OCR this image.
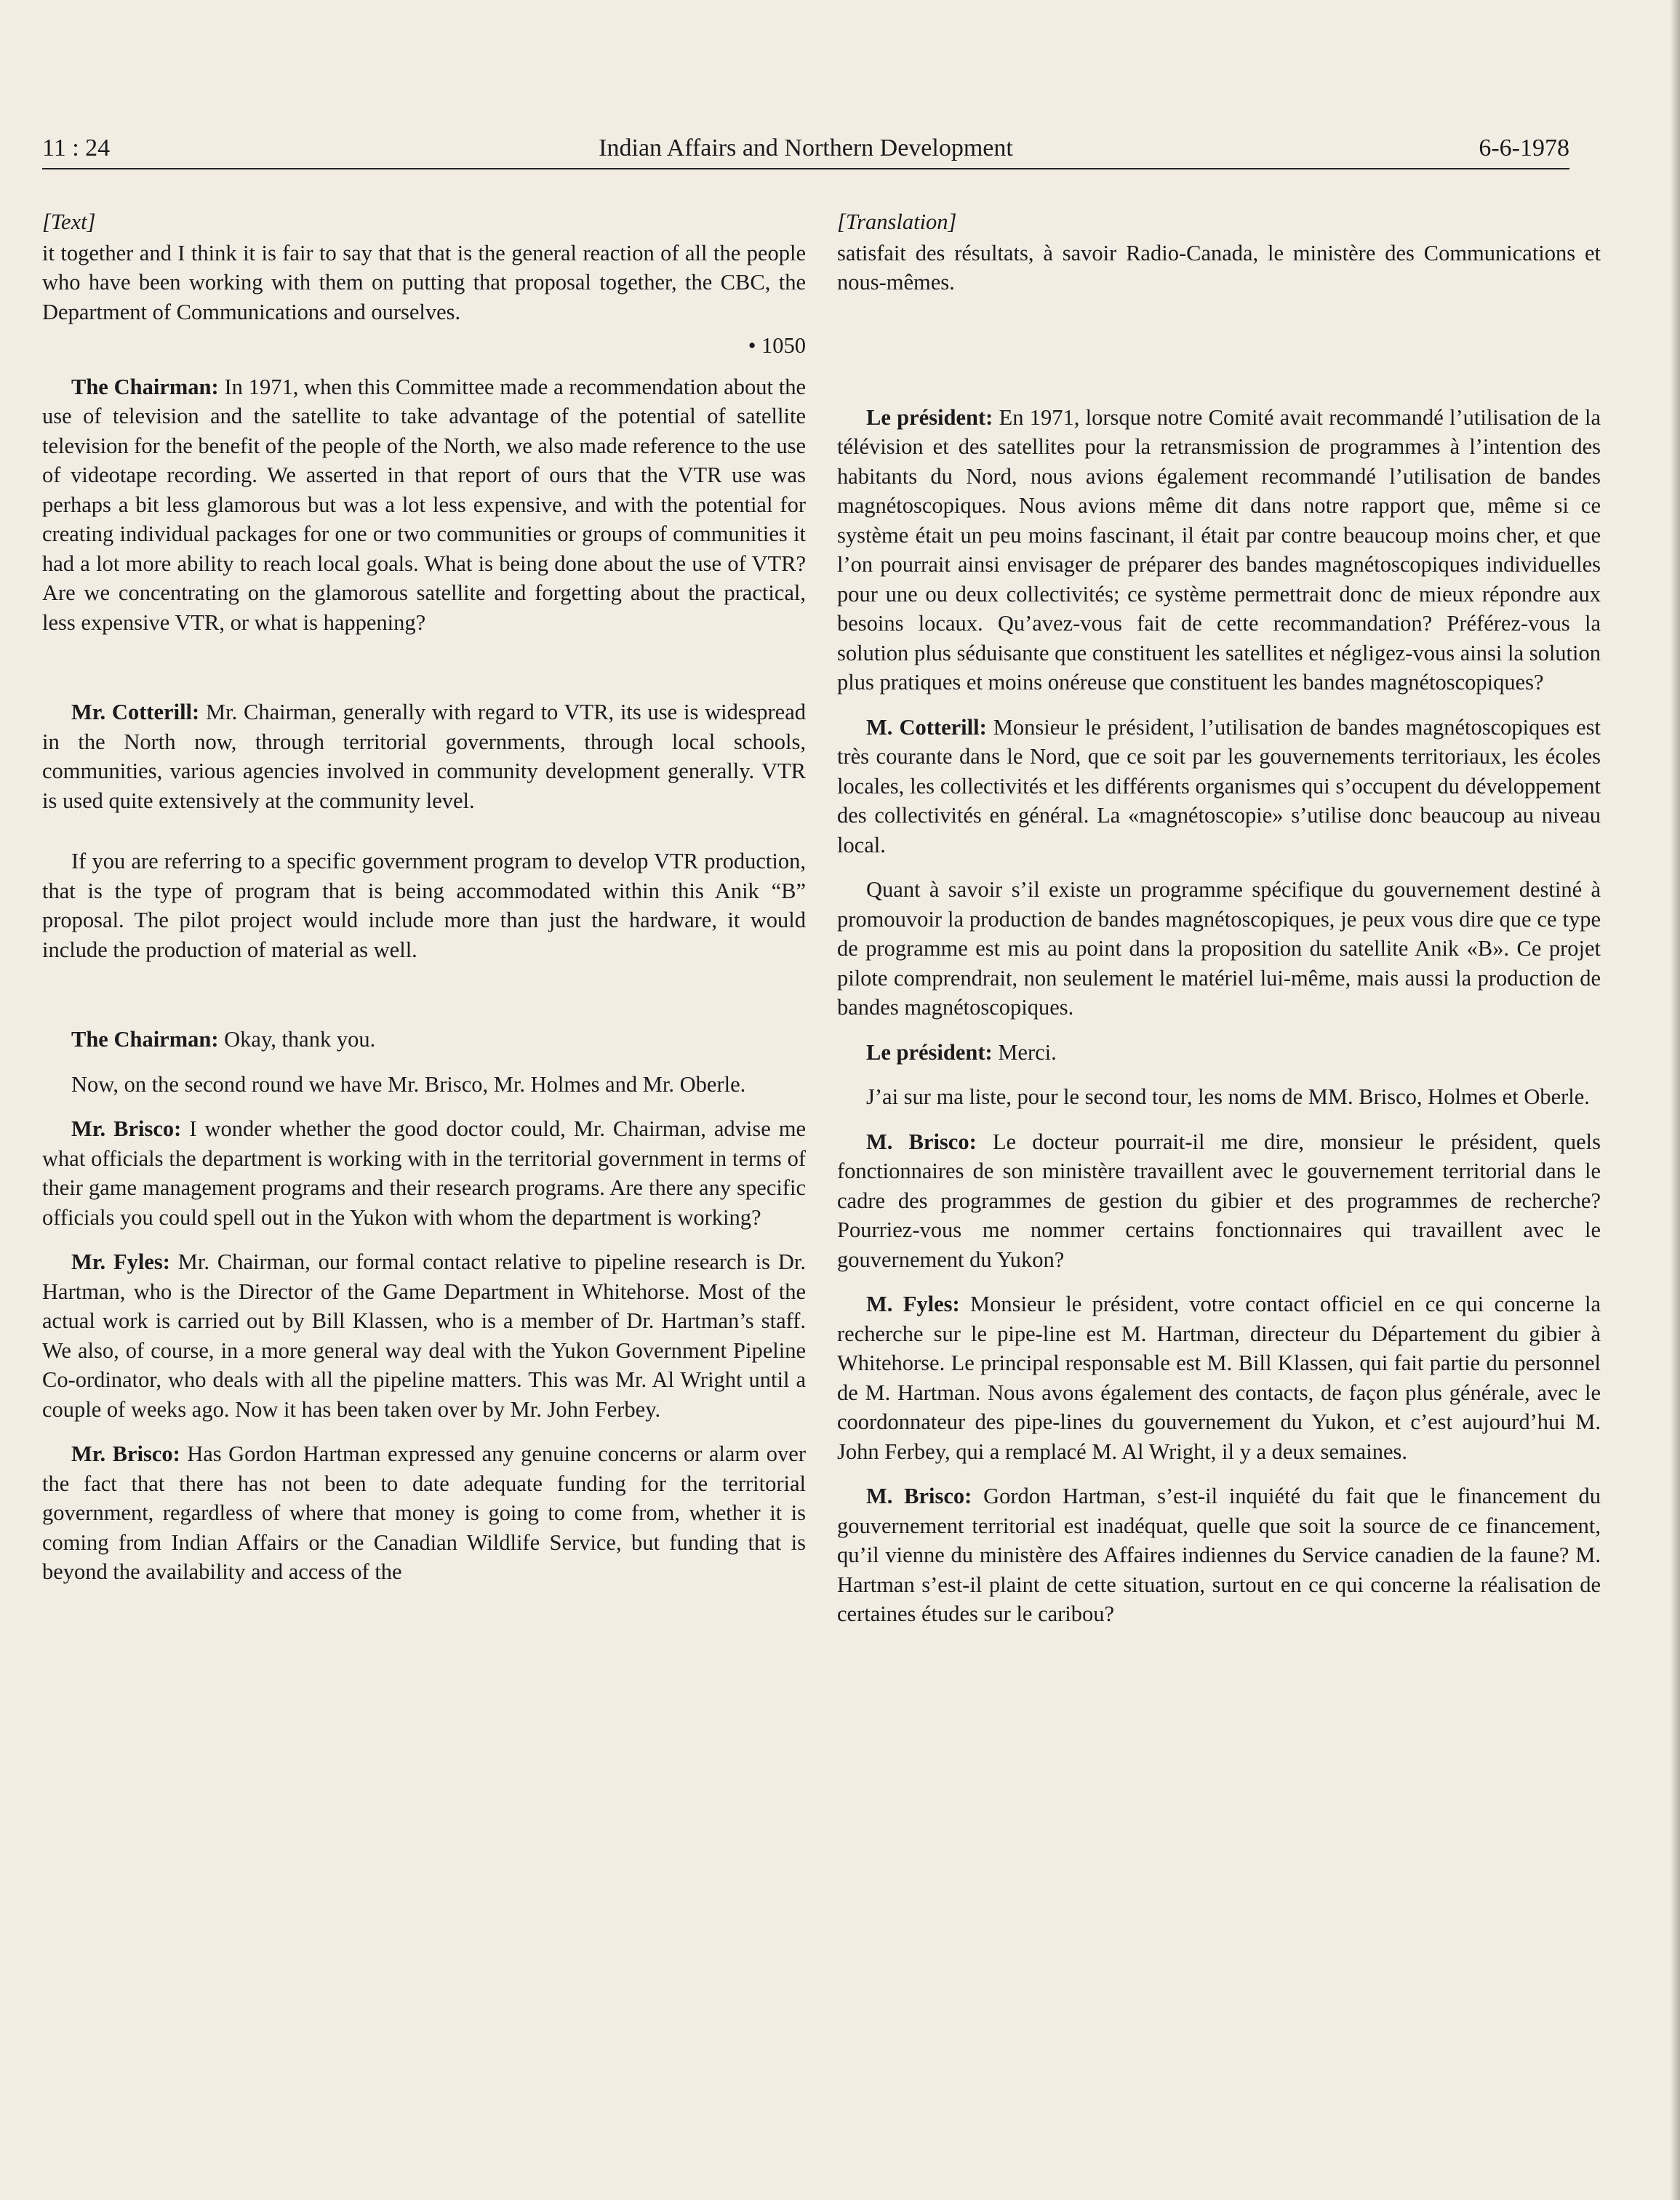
11 : 24	Indian Affairs and Northern Development	6-6-1978

[Text]

it together and I think it is fair to say that that is the general reaction of all the people who have been working with them on putting that proposal together, the CBC, the Department of Communications and ourselves.

• 1050

The Chairman: In 1971, when this Committee made a recommendation about the use of television and the satellite to take advantage of the potential of satellite television for the benefit of the people of the North, we also made reference to the use of videotape recording. We asserted in that report of ours that the VTR use was perhaps a bit less glamorous but was a lot less expensive, and with the potential for creating individual packages for one or two communities or groups of communities it had a lot more ability to reach local goals. What is being done about the use of VTR? Are we concentrating on the glamorous satellite and forgetting about the practical, less expensive VTR, or what is happening?

Mr. Cotterill: Mr. Chairman, generally with regard to VTR, its use is widespread in the North now, through territorial governments, through local schools, communities, various agencies involved in community development generally. VTR is used quite extensively at the community level.

If you are referring to a specific government program to develop VTR production, that is the type of program that is being accommodated within this Anik “B” proposal. The pilot project would include more than just the hardware, it would include the production of material as well.

The Chairman: Okay, thank you.

Now, on the second round we have Mr. Brisco, Mr. Holmes and Mr. Oberle.

Mr. Brisco: I wonder whether the good doctor could, Mr. Chairman, advise me what officials the department is working with in the territorial government in terms of their game management programs and their research programs. Are there any specific officials you could spell out in the Yukon with whom the department is working?

Mr. Fyles: Mr. Chairman, our formal contact relative to pipeline research is Dr. Hartman, who is the Director of the Game Department in Whitehorse. Most of the actual work is carried out by Bill Klassen, who is a member of Dr. Hartman’s staff. We also, of course, in a more general way deal with the Yukon Government Pipeline Co-ordinator, who deals with all the pipeline matters. This was Mr. Al Wright until a couple of weeks ago. Now it has been taken over by Mr. John Ferbey.

Mr. Brisco: Has Gordon Hartman expressed any genuine concerns or alarm over the fact that there has not been to date adequate funding for the territorial government, regardless of where that money is going to come from, whether it is coming from Indian Affairs or the Canadian Wildlife Service, but funding that is beyond the availability and access of the

[Translation]

satisfait des résultats, à savoir Radio-Canada, le ministère des Communications et nous-mêmes.

Le président: En 1971, lorsque notre Comité avait recommandé l’utilisation de la télévision et des satellites pour la retransmission de programmes à l’intention des habitants du Nord, nous avions également recommandé l’utilisation de bandes magnétoscopiques. Nous avions même dit dans notre rapport que, même si ce système était un peu moins fascinant, il était par contre beaucoup moins cher, et que l’on pourrait ainsi envisager de préparer des bandes magnétoscopiques individuelles pour une ou deux collectivités; ce système permettrait donc de mieux répondre aux besoins locaux. Qu’avez-vous fait de cette recommandation? Préférez-vous la solution plus séduisante que constituent les satellites et négligez-vous ainsi la solution plus pratiques et moins onéreuse que constituent les bandes magnétoscopiques?

M. Cotterill: Monsieur le président, l’utilisation de bandes magnétoscopiques est très courante dans le Nord, que ce soit par les gouvernements territoriaux, les écoles locales, les collectivités et les différents organismes qui s’occupent du développement des collectivités en général. La «magnétoscopie» s’utilise donc beaucoup au niveau local.

Quant à savoir s’il existe un programme spécifique du gouvernement destiné à promouvoir la production de bandes magnétoscopiques, je peux vous dire que ce type de programme est mis au point dans la proposition du satellite Anik «B». Ce projet pilote comprendrait, non seulement le matériel lui-même, mais aussi la production de bandes magnétoscopiques.

Le président: Merci.

J’ai sur ma liste, pour le second tour, les noms de MM. Brisco, Holmes et Oberle.

M. Brisco: Le docteur pourrait-il me dire, monsieur le président, quels fonctionnaires de son ministère travaillent avec le gouvernement territorial dans le cadre des programmes de gestion du gibier et des programmes de recherche? Pourriez-vous me nommer certains fonctionnaires qui travaillent avec le gouvernement du Yukon?

M. Fyles: Monsieur le président, votre contact officiel en ce qui concerne la recherche sur le pipe-line est M. Hartman, directeur du Département du gibier à Whitehorse. Le principal responsable est M. Bill Klassen, qui fait partie du personnel de M. Hartman. Nous avons également des contacts, de façon plus générale, avec le coordonnateur des pipe-lines du gouvernement du Yukon, et c’est aujourd’hui M. John Ferbey, qui a remplacé M. Al Wright, il y a deux semaines.

M. Brisco: Gordon Hartman, s’est-il inquiété du fait que le financement du gouvernement territorial est inadéquat, quelle que soit la source de ce financement, qu’il vienne du ministère des Affaires indiennes du Service canadien de la faune? M. Hartman s’est-il plaint de cette situation, surtout en ce qui concerne la réalisation de certaines études sur le caribou?
